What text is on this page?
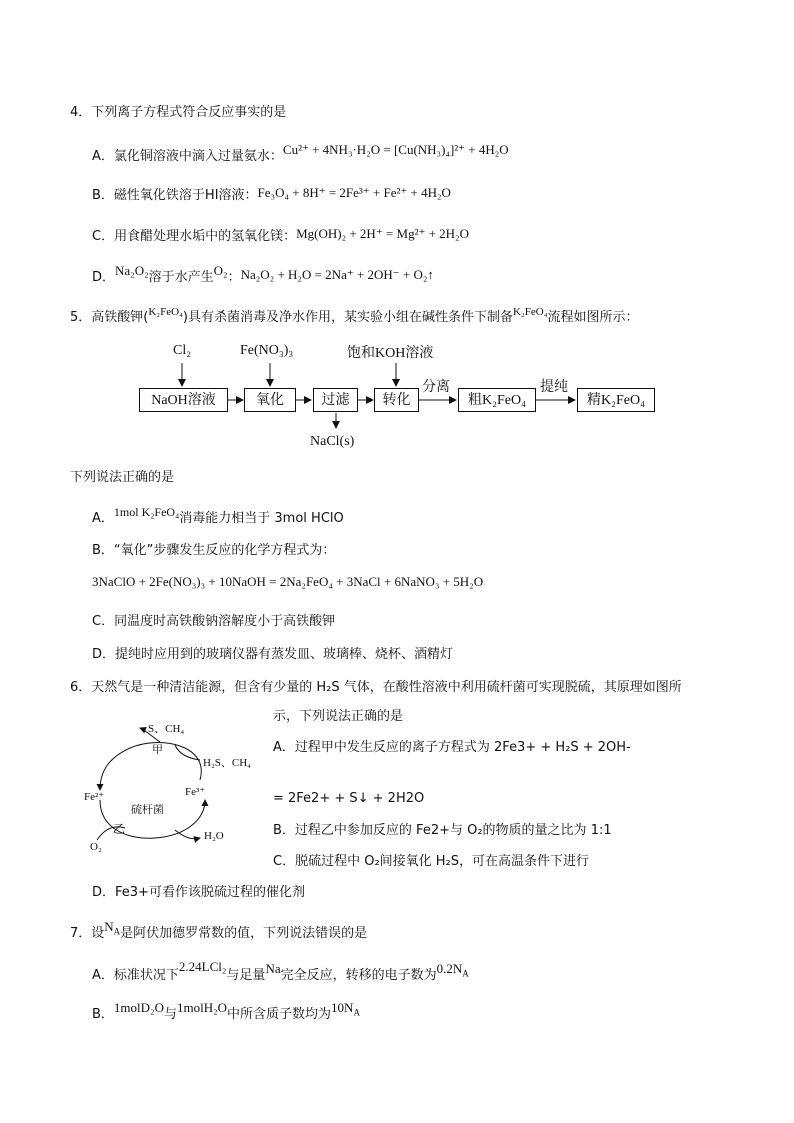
4．下列离子方程式符合反应事实的是
A．氯化铜溶液中滴入过量氨水：Cu²⁺ + 4NH₃·H₂O = [Cu(NH₃)₄]²⁺ + 4H₂O
B．磁性氧化铁溶于HI溶液：Fe₃O₄ + 8H⁺ = 2Fe³⁺ + Fe²⁺ + 4H₂O
C．用食醋处理水垢中的氢氧化镁：Mg(OH)₂ + 2H⁺ = Mg²⁺ + 2H₂O
D．Na₂O₂溶于水产生O₂：Na₂O₂ + H₂O = 2Na⁺ + 2OH⁻ + O₂↑
5．高铁酸钾($^{K_2FeO_4}$)具有杀菌消毒及净水作用，某实验小组在碱性条件下制备$^{K_2FeO_4}$流程如图所示：
Cl₂	Fe(NO₃)₃	饱和KOH溶液
NaOH溶液	氧化	过滤	转化
分离
粗K₂FeO₄
提纯
精K₂FeO₄
NaCl(s)
下列说法正确的是
A．1mol K₂FeO₄消毒能力相当于 3mol HClO
B．“氧化”步骤发生反应的化学方程式为：
3NaClO + 2Fe(NO₃)₃ + 10NaOH = 2Na₂FeO₄ + 3NaCl + 6NaNO₃ + 5H₂O
C．同温度时高铁酸钠溶解度小于高铁酸钾
D．提纯时应用到的玻璃仪器有蒸发皿、玻璃棒、烧杯、酒精灯
6．天然气是一种清洁能源，但含有少量的 H₂S 气体，在酸性溶液中利用硫杆菌可实现脱硫，其原理如图所
示，下列说法正确的是
S、CH₄
甲
H₂S、CH₄
Fe²⁺	Fe³⁺
硫杆菌
乙	H₂O
O₂
A．过程甲中发生反应的离子方程式为 2Fe3+ + H₂S + 2OH-
= 2Fe2+ + S↓ + 2H2O
B．过程乙中参加反应的 Fe2+与 O₂的物质的量之比为 1:1
C．脱硫过程中 O₂间接氧化 H₂S，可在高温条件下进行
D．Fe3+可看作该脱硫过程的催化剂
7．设$N_A$是阿伏加德罗常数的值，下列说法错误的是
A．标准状况下2.24LCl₂与足量Na完全反应，转移的电子数为$0.2N_A$
B．1molD₂O与1molH₂O中所含质子数均为$10N_A$
